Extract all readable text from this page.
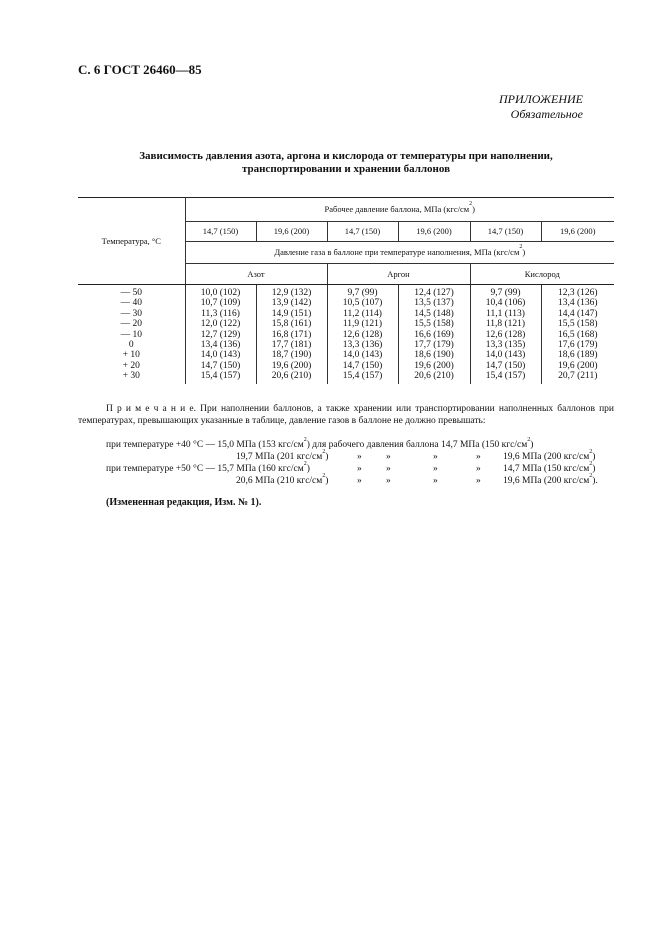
С. 6 ГОСТ 26460—85
ПРИЛОЖЕНИЕ
Обязательное
Зависимость давления азота, аргона и кислорода от температуры при наполнении,
транспортировании и хранении баллонов
Температура, °С	Рабочее давление баллона, МПа $(кгс/см^2)$					
	14,7 (150)	19,6 (200)	14,7 (150)	19,6 (200)	14,7 (150)	19,6 (200)
	Давление газа в баллоне при температуре наполнения, МПа $(кгс/см^2)$					
	Азот		Аргон		Кислород	
— 50	10,0 (102)	12,9 (132)	9,7 (99)	12,4 (127)	9,7 (99)	12,3 (126)
— 40	10,7 (109)	13,9 (142)	10,5 (107)	13,5 (137)	10,4 (106)	13,4 (136)
— 30	11,3 (116)	14,9 (151)	11,2 (114)	14,5 (148)	11,1 (113)	14,4 (147)
— 20	12,0 (122)	15,8 (161)	11,9 (121)	15,5 (158)	11,8 (121)	15,5 (158)
— 10	12,7 (129)	16,8 (171)	12,6 (128)	16,6 (169)	12,6 (128)	16,5 (168)
0	13,4 (136)	17,7 (181)	13,3 (136)	17,7 (179)	13,3 (135)	17,6 (179)
+ 10	14,0 (143)	18,7 (190)	14,0 (143)	18,6 (190)	14,0 (143)	18,6 (189)
+ 20	14,7 (150)	19,6 (200)	14,7 (150)	19,6 (200)	14,7 (150)	19,6 (200)
+ 30	15,4 (157)	20,6 (210)	15,4 (157)	20,6 (210)	15,4 (157)	20,7 (211)
П р и м е ч а н и е. При наполнении баллонов, а также хранении или транспортировании наполненных баллонов при температурах, превышающих указанные в таблице, давление газов в баллоне не должно превышать:
при температуре +40 °С — 15,0 МПа (153 кгс/$см^2$) для рабочего давления баллона 14,7 МПа (150 кгс/$см^2$)
19,7 МПа (201 кгс/$см^2$)	»	»	»	» 19,6 МПа (200 кгс/$см^2$)
при температуре +50 °С — 15,7 МПа (160 кгс/$см^2$)	»	»	»	» 14,7 МПа (150 кгс/$см^2$)
20,6 МПа (210 кгс/$см^2$)	»	»	»	» 19,6 МПа (200 кгс/$см^2$).
(Измененная редакция, Изм. № 1).
